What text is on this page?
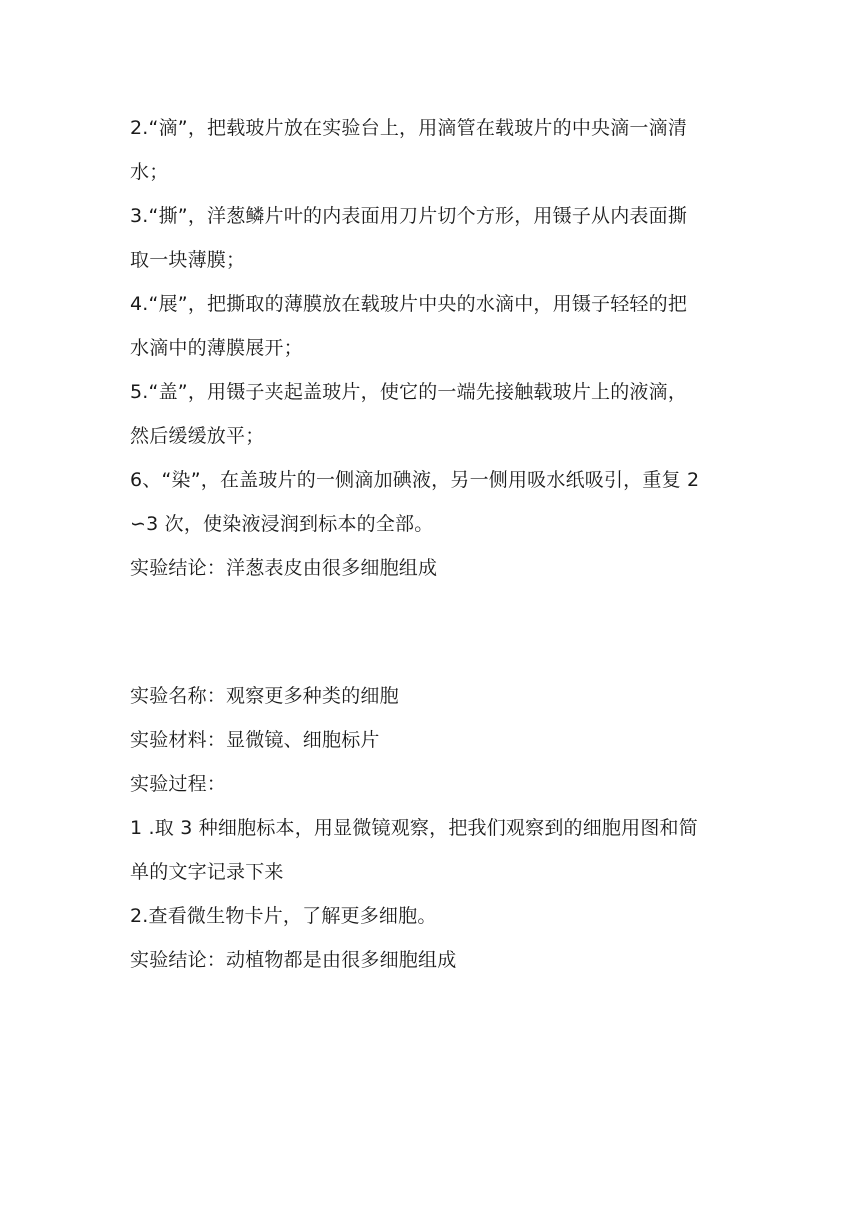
2.“滴”，把载玻片放在实验台上，用滴管在载玻片的中央滴一滴清
水；
3.“撕”，洋葱鳞片叶的内表面用刀片切个方形，用镊子从内表面撕
取一块薄膜；
4.“展”，把撕取的薄膜放在载玻片中央的水滴中，用镊子轻轻的把
水滴中的薄膜展开；
5.“盖”，用镊子夹起盖玻片，使它的一端先接触载玻片上的液滴，
然后缓缓放平；
6、“染”，在盖玻片的一侧滴加碘液，另一侧用吸水纸吸引，重复 2
∽3 次，使染液浸润到标本的全部。
实验结论：洋葱表皮由很多细胞组成
实验名称：观察更多种类的细胞
实验材料：显微镜、细胞标片
实验过程：
1 .取 3 种细胞标本，用显微镜观察，把我们观察到的细胞用图和简
单的文字记录下来
2.查看微生物卡片，了解更多细胞。
实验结论：动植物都是由很多细胞组成
